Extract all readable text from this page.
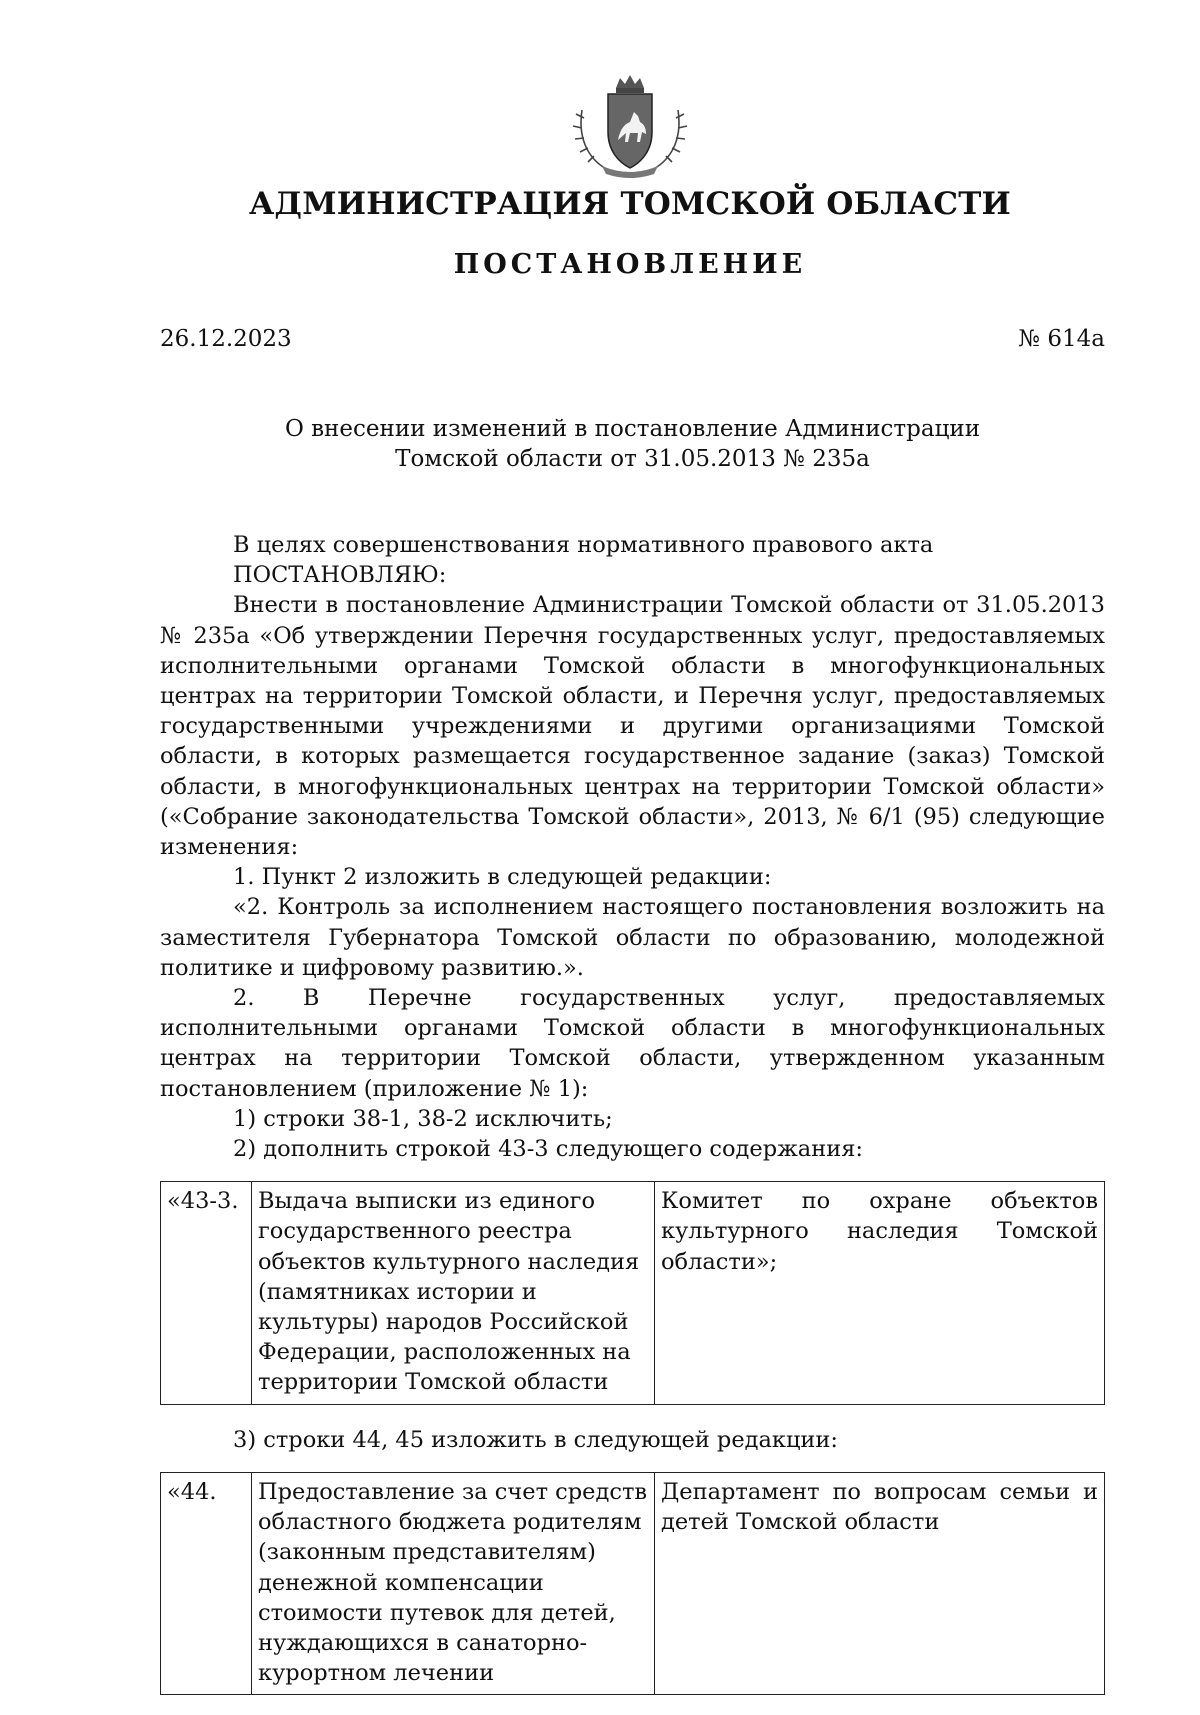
АДМИНИСТРАЦИЯ ТОМСКОЙ ОБЛАСТИ
ПОСТАНОВЛЕНИЕ
26.12.2023	№ 614а
О внесении изменений в постановление Администрации
Томской области от 31.05.2013 № 235а

В целях совершенствования нормативного правового акта

ПОСТАНОВЛЯЮ:

Внести в постановление Администрации Томской области от 31.05.2013 № 235а «Об утверждении Перечня государственных услуг, предоставляемых исполнительными органами Томской области в многофункциональных центрах на территории Томской области, и Перечня услуг, предоставляемых государственными учреждениями и другими организациями Томской области, в которых размещается государственное задание (заказ) Томской области, в многофункциональных центрах на территории Томской области» («Собрание законодательства Томской области», 2013, № 6/1 (95) следующие изменения:

1. Пункт 2 изложить в следующей редакции:

«2. Контроль за исполнением настоящего постановления возложить на заместителя Губернатора Томской области по образованию, молодежной политике и цифровому развитию.».

2. В Перечне государственных услуг, предоставляемых исполнительными органами Томской области в многофункциональных центрах на территории Томской области, утвержденном указанным постановлением (приложение № 1):

1) строки 38-1, 38-2 исключить;

2) дополнить строкой 43-3 следующего содержания:

«43-3.	Выдача выписки из единого государственного реестра объектов культурного наследия (памятниках истории и культуры) народов Российской Федерации, расположенных на территории Томской области	Комитет по охране объектов культурного наследия Томской области»;

3) строки 44, 45 изложить в следующей редакции:

«44.	Предоставление за счет средств областного бюджета родителям (законным представителям) денежной компенсации стоимости путевок для детей, нуждающихся в санаторно-курортном лечении	Департамент по вопросам семьи и детей Томской области
